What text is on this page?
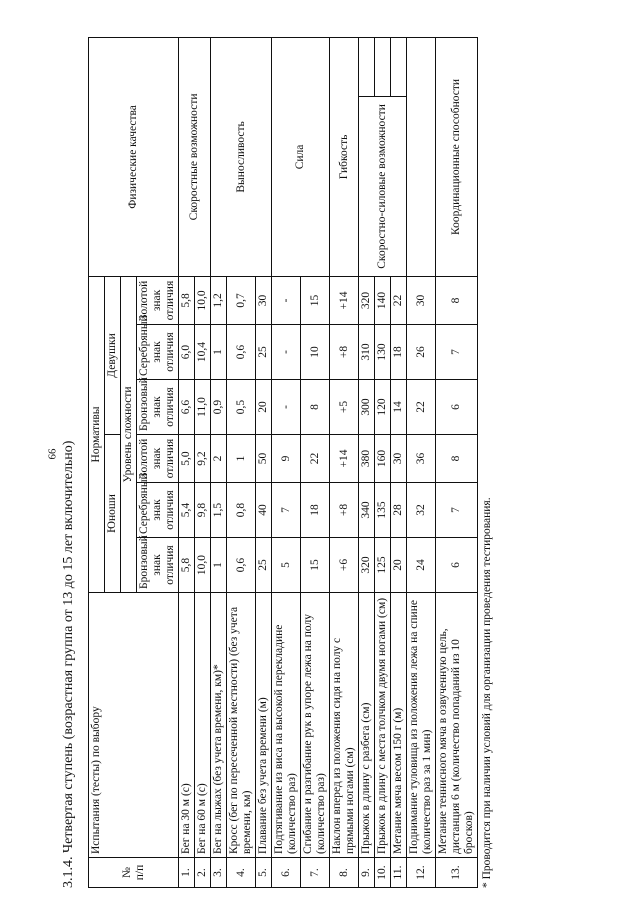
99 3.1.4. Четвертая ступень (возрастная группа от 13 до 15 лет включительно)	№ п/п	Испытания (тесты) по выбору	Нормативы						Физические качества	
		Юноши			Девушки				
		Уровень сложности							
		Бронзовый знак отличия	Серебряный знак отличия	Золотой знак отличия	Бронзовый знак отличия	Серебряный знак отличия	Золотой знак отличия		
1.	Бег на 30 м (с)	5,8	5,4	5,0	6,6	6,0	5,8	Скоростные возможности	
2.	Бег на 60 м (с)	10,0	9,8	9,2	11,0	10,4	10,0		
3.	Бег на лыжах (без учета времени, км)*	1	1,5	2	0,9	1	1,2	Выносливость	
4.	Кросс (бег по пересеченной местности) (без учета времени, км)	0,6	0,8	1	0,5	0,6	0,7		
5.	Плавание без учета времени (м)	25	40	50	20	25	30		
6.	Подтягивание из виса на высокой перекладине (количество раз)	5	7	9	-	-	-	Сила	
7.	Сгибание и разгибание рук в упоре лежа на полу (количество раз)	15	18	22	8	10	15		
8.	Наклон вперед из положения сидя на полу с прямыми ногами (см)	+6	+8	+14	+5	+8	+14	Гибкость	
9.	Прыжок в длину с разбега (см)	320	340	380	300	310	320	Скоростно-силовые возможности	
10.	Прыжок в длину с места толчком двумя ногами (см)	125	135	160	120	130	140		
11.	Метание мяча весом 150 г (м)	20	28	30	14	18	22		
12.	Поднимание туловища из положения лежа на спине (количество раз за 1 мин)	24	32	36	22	26	30		
13.	Метание теннисного мяча в озвученную цель, дистанция 6 м (количество попаданий из 10 бросков)	6	7	8	6	7	8	Координационные способности	
* Проводится при наличии условий для организации проведения тестирования.
